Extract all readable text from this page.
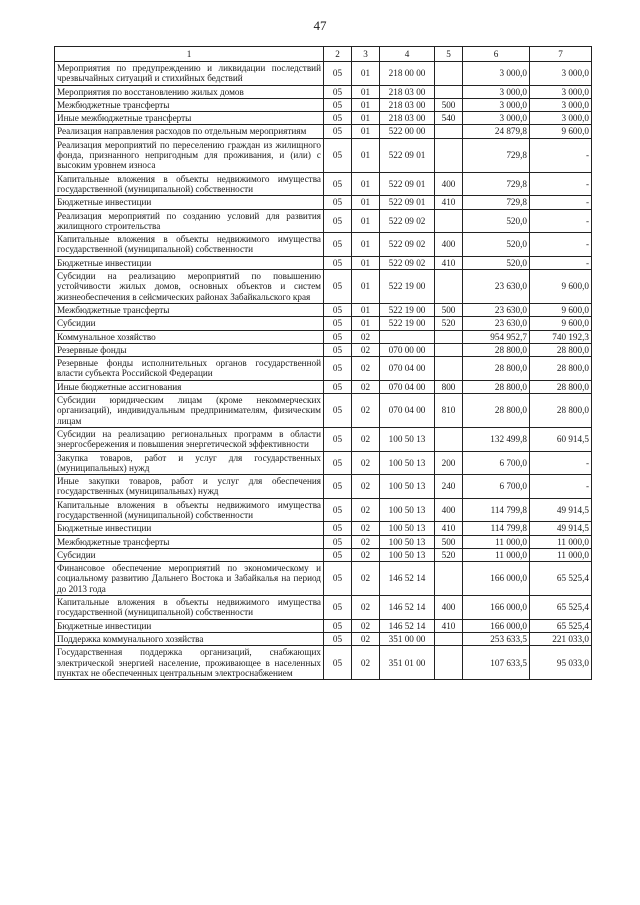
47
1	2	3	4	5	6	7
Мероприятия по предупреждению и ликвидации последствий чрезвычайных ситуаций и стихийных бедствий	05	01	218 00 00		3 000,0	3 000,0
Мероприятия по восстановлению жилых домов	05	01	218 03 00		3 000,0	3 000,0
Межбюджетные трансферты	05	01	218 03 00	500	3 000,0	3 000,0
Иные межбюджетные трансферты	05	01	218 03 00	540	3 000,0	3 000,0
Реализация направления расходов по отдельным мероприятиям	05	01	522 00 00		24 879,8	9 600,0
Реализация мероприятий по переселению граждан из жилищного фонда, признанного непригодным для проживания, и (или) с высоким уровнем износа	05	01	522 09 01		729,8	-
Капитальные вложения в объекты недвижимого имущества государственной (муниципальной) собственности	05	01	522 09 01	400	729,8	-
Бюджетные инвестиции	05	01	522 09 01	410	729,8	-
Реализация мероприятий по созданию условий для развития жилищного строительства	05	01	522 09 02		520,0	-
Капитальные вложения в объекты недвижимого имущества государственной (муниципальной) собственности	05	01	522 09 02	400	520,0	-
Бюджетные инвестиции	05	01	522 09 02	410	520,0	-
Субсидии на реализацию мероприятий по повышению устойчивости жилых домов, основных объектов и систем жизнеобеспечения в сейсмических районах Забайкальского края	05	01	522 19 00		23 630,0	9 600,0
Межбюджетные трансферты	05	01	522 19 00	500	23 630,0	9 600,0
Субсидии	05	01	522 19 00	520	23 630,0	9 600,0
Коммунальное хозяйство	05	02			954 952,7	740 192,3
Резервные фонды	05	02	070 00 00		28 800,0	28 800,0
Резервные фонды исполнительных органов государственной власти субъекта Российской Федерации	05	02	070 04 00		28 800,0	28 800,0
Иные бюджетные ассигнования	05	02	070 04 00	800	28 800,0	28 800,0
Субсидии юридическим лицам (кроме некоммерческих организаций), индивидуальным предпринимателям, физическим лицам	05	02	070 04 00	810	28 800,0	28 800,0
Субсидии на реализацию региональных программ в области энергосбережения и повышения энергетической эффективности	05	02	100 50 13		132 499,8	60 914,5
Закупка товаров, работ и услуг для государственных (муниципальных) нужд	05	02	100 50 13	200	6 700,0	-
Иные закупки товаров, работ и услуг для обеспечения государственных (муниципальных) нужд	05	02	100 50 13	240	6 700,0	-
Капитальные вложения в объекты недвижимого имущества государственной (муниципальной) собственности	05	02	100 50 13	400	114 799,8	49 914,5
Бюджетные инвестиции	05	02	100 50 13	410	114 799,8	49 914,5
Межбюджетные трансферты	05	02	100 50 13	500	11 000,0	11 000,0
Субсидии	05	02	100 50 13	520	11 000,0	11 000,0
Финансовое обеспечение мероприятий по экономическому и социальному развитию Дальнего Востока и Забайкалья на период до 2013 года	05	02	146 52 14		166 000,0	65 525,4
Капитальные вложения в объекты недвижимого имущества государственной (муниципальной) собственности	05	02	146 52 14	400	166 000,0	65 525,4
Бюджетные инвестиции	05	02	146 52 14	410	166 000,0	65 525,4
Поддержка коммунального хозяйства	05	02	351 00 00		253 633,5	221 033,0
Государственная поддержка организаций, снабжающих электрической энергией население, проживающее в населенных пунктах не обеспеченных центральным электроснабжением	05	02	351 01 00		107 633,5	95 033,0
